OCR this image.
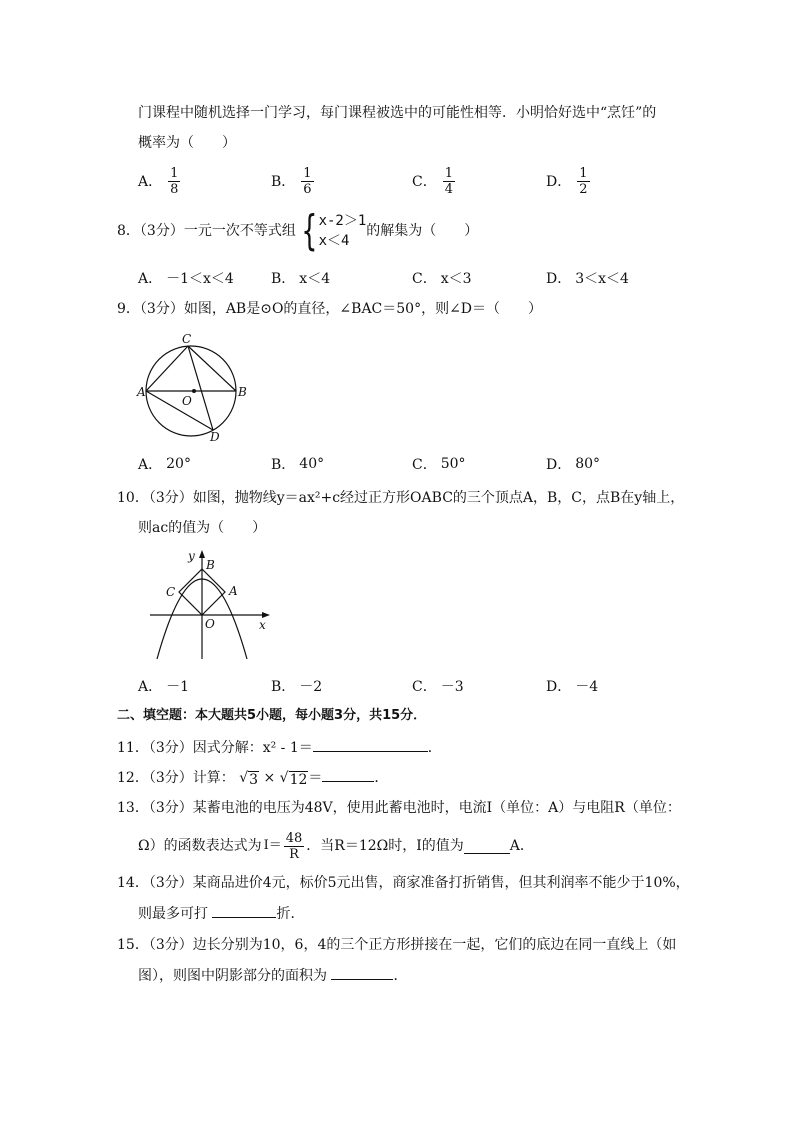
门课程中随机选择一门学习，每门课程被选中的可能性相等．小明恰好选中“烹饪”的
概率为（　　）
A． $\frac{1}{8}$	B． $\frac{1}{6}$	C． $\frac{1}{4}$	D． $\frac{1}{2}$
8．（3分）一元一次不等式组 { x-2＞1
x＜4
的解集为（　　）
A． －1＜x＜4	B． x＜4	C． x＜3	D． 3＜x＜4
9．（3分）如图，AB是⊙O的直径，∠BAC＝50°，则∠D＝（　　）
C
A	B
O
D
A． 20°	B． 40°	C． 50°	D． 80°
10．（3分）如图，抛物线y＝ax²+c经过正方形OABC的三个顶点A，B，C，点B在y轴上，
则ac的值为（　　）
y
B
C	A
O	x
A． －1	B． －2	C． －3	D． －4
二、填空题：本大题共5小题，每小题3分，共15分．
11．（3分）因式分解：x² - 1＝	．
12．（3分）计算： √ 3 × √ 12 ＝	．
13．（3分）某蓄电池的电压为48V，使用此蓄电池时，电流I（单位：A）与电阻R（单位：
Ω）的函数表达式为 $I= \frac{48}{R}$ ．当R＝12Ω时，I的值为	A．
14．（3分）某商品进价4元，标价5元出售，商家准备打折销售，但其利润率不能少于10%，
则最多可打	折．
15．（3分）边长分别为10，6，4的三个正方形拼接在一起，它们的底边在同一直线上（如
图），则图中阴影部分的面积为	．
